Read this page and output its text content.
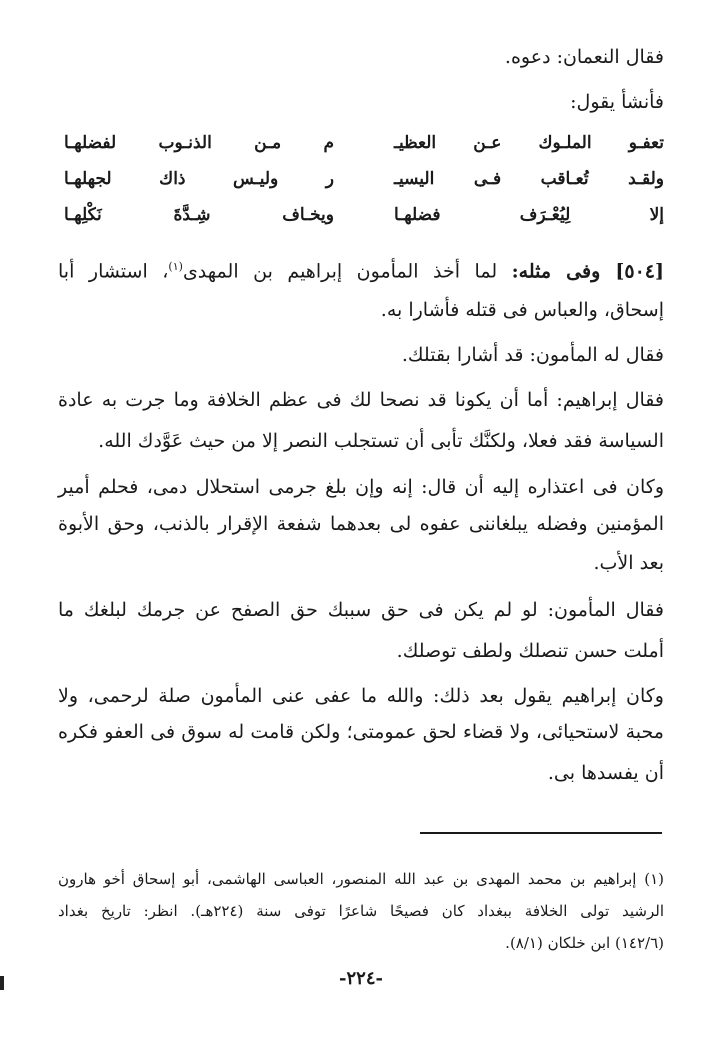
فقال النعمان: دعوه.
فأنشأ يقول:
تعفـو الملـوك عـن العظيـ
م مـن الذنـوب لفضلهـا
ولقـد تُعـاقب فـى اليسيـ
ر وليـس ذاك لجهلهـا
إلا لِيُعْـرَف فضلهـا
ويخـاف شِـدَّةَ نَكْلِهـا
[٥٠٤] وفى مثله: لما أخذ المأمون إبراهيم بن المهدى$^{(١)}$، استشار أبا
إسحاق، والعباس فى قتله فأشارا به.
فقال له المأمون: قد أشارا بقتلك.
فقال إبراهيم: أما أن يكونا قد نصحا لك فى عظم الخلافة وما جرت به عادة
السياسة فقد فعلا، ولكنَّك تأبى أن تستجلب النصر إلا من حيث عَوَّدك الله.
وكان فى اعتذاره إليه أن قال: إنه وإن بلغ جرمى استحلال دمى، فحلم أمير
المؤمنين وفضله يبلغاننى عفوه لى بعدهما شفعة الإقرار بالذنب، وحق الأبوة
بعد الأب.
فقال المأمون: لو لم يكن فى حق سببك حق الصفح عن جرمك لبلغك ما
أملت حسن تنصلك ولطف توصلك.
وكان إبراهيم يقول بعد ذلك: والله ما عفى عنى المأمون صلة لرحمى، ولا
محبة لاستحيائى، ولا قضاء لحق عمومتى؛ ولكن قامت له سوق فى العفو فكره
أن يفسدها بى.
(١) إبراهيم بن محمد المهدى بن عبد الله المنصور، العباسى الهاشمى، أبو إسحاق أخو هارون
الرشيد تولى الخلافة ببغداد كان فصيحًا شاعرًا توفى سنة (٢٢٤هـ). انظر: تاريخ بغداد
(١٤٢/٦) ابن خلكان (٨/١).
-٢٢٤-
